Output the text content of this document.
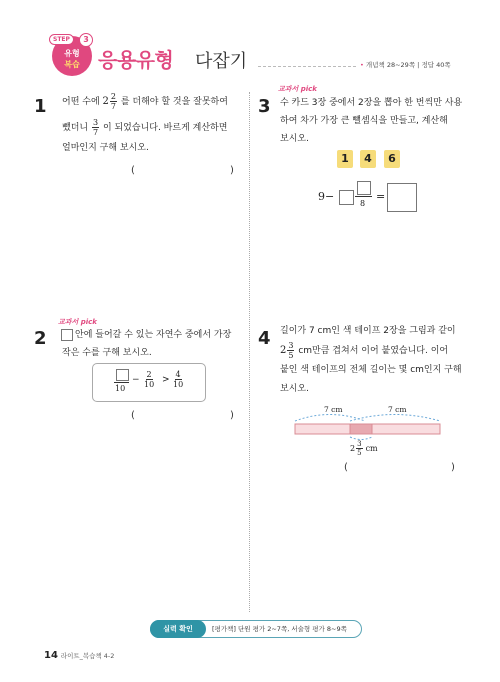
STEP	3
유형
복습 응용유형 다잡기	• 개념책 28~29쪽 | 정답 40쪽
1 어떤 수에 $2 \frac{2}{7}$ 를 더해야 할 것을 잘못하여
뺐더니 $\frac{3}{7}$ 이 되었습니다. 바르게 계산하면
얼마인지 구해 보시오.
(	)
교과서 pick
3 수 카드 3장 중에서 2장을 뽑아 한 번씩만 사용
하여 차가 가장 큰 뺄셈식을 만들고, 계산해
보시오.
1	4	6
9−
8
=
교과서 pick
2	안에 들어갈 수 있는 자연수 중에서 가장
작은 수를 구해 보시오.
10
− $\frac{2}{10} > \frac{4}{10}$
(	)
4 길이가 7 cm인 색 테이프 2장을 그림과 같이
$2 \frac{3}{5}$ cm만큼 겹쳐서 이어 붙였습니다. 이어
붙인 색 테이프의 전체 길이는 몇 cm인지 구해
보시오.
7 cm	7 cm
$2 \frac{3}{5}$ cm
(	)
실력 확인	[평가책] 단원 평가 2~7쪽, 서술형 평가 8~9쪽
14 라이트_복습책 4-2
